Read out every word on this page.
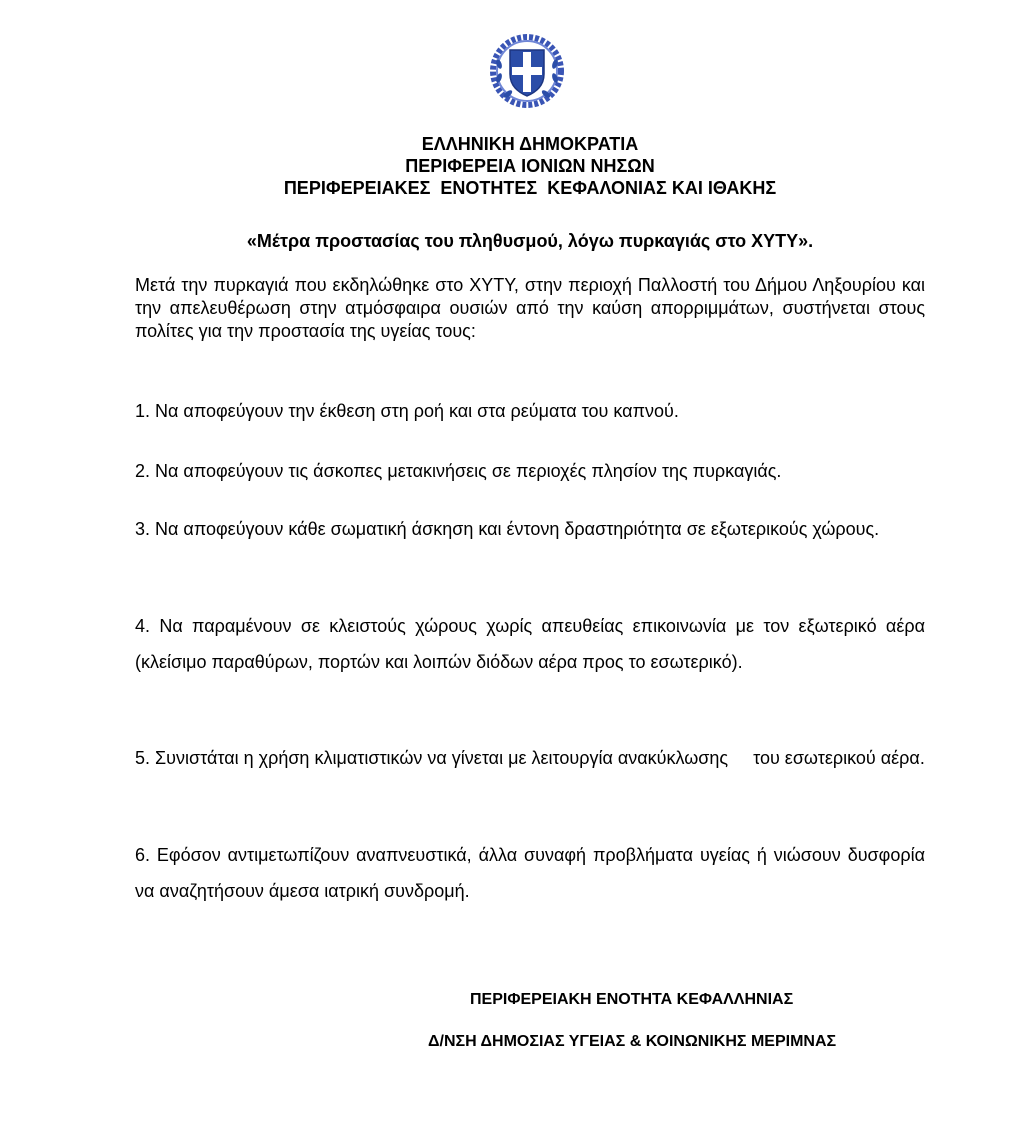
ΕΛΛΗΝΙΚΗ ΔΗΜΟΚΡΑΤΙΑ
ΠΕΡΙΦΕΡΕΙΑ ΙΟΝΙΩΝ ΝΗΣΩΝ
ΠΕΡΙΦΕΡΕΙΑΚΕΣ  ΕΝΟΤΗΤΕΣ  ΚΕΦΑΛΟΝΙΑΣ ΚΑΙ ΙΘΑΚΗΣ
«Μέτρα προστασίας του πληθυσμού, λόγω πυρκαγιάς στο ΧΥΤΥ».
Μετά την πυρκαγιά που εκδηλώθηκε στο ΧΥΤΥ, στην περιοχή Παλλοστή του Δήμου Ληξουρίου και την απελευθέρωση στην ατμόσφαιρα ουσιών από την καύση απορριμμάτων, συστήνεται στους πολίτες για την προστασία της υγείας τους:
1. Να αποφεύγουν την έκθεση στη ροή και στα ρεύματα του καπνού.
2. Να αποφεύγουν τις άσκοπες μετακινήσεις σε περιοχές πλησίον της πυρκαγιάς.
3. Να αποφεύγουν κάθε σωματική άσκηση και έντονη δραστηριότητα σε εξωτερικούς χώρους.
4. Να παραμένουν σε κλειστούς χώρους χωρίς απευθείας επικοινωνία με τον εξωτερικό αέρα (κλείσιμο παραθύρων, πορτών και λοιπών διόδων αέρα προς το εσωτερικό).
5. Συνιστάται η χρήση κλιματιστικών να γίνεται με λειτουργία ανακύκλωσης     του εσωτερικού αέρα.
6. Εφόσον αντιμετωπίζουν αναπνευστικά, άλλα συναφή προβλήματα υγείας ή νιώσουν δυσφορία να αναζητήσουν άμεσα ιατρική συνδρομή.
ΠΕΡΙΦΕΡΕΙΑΚΗ ΕΝΟΤΗΤΑ ΚΕΦΑΛΛΗΝΙΑΣ
Δ/ΝΣΗ ΔΗΜΟΣΙΑΣ ΥΓΕΙΑΣ & ΚΟΙΝΩΝΙΚΗΣ ΜΕΡΙΜΝΑΣ
